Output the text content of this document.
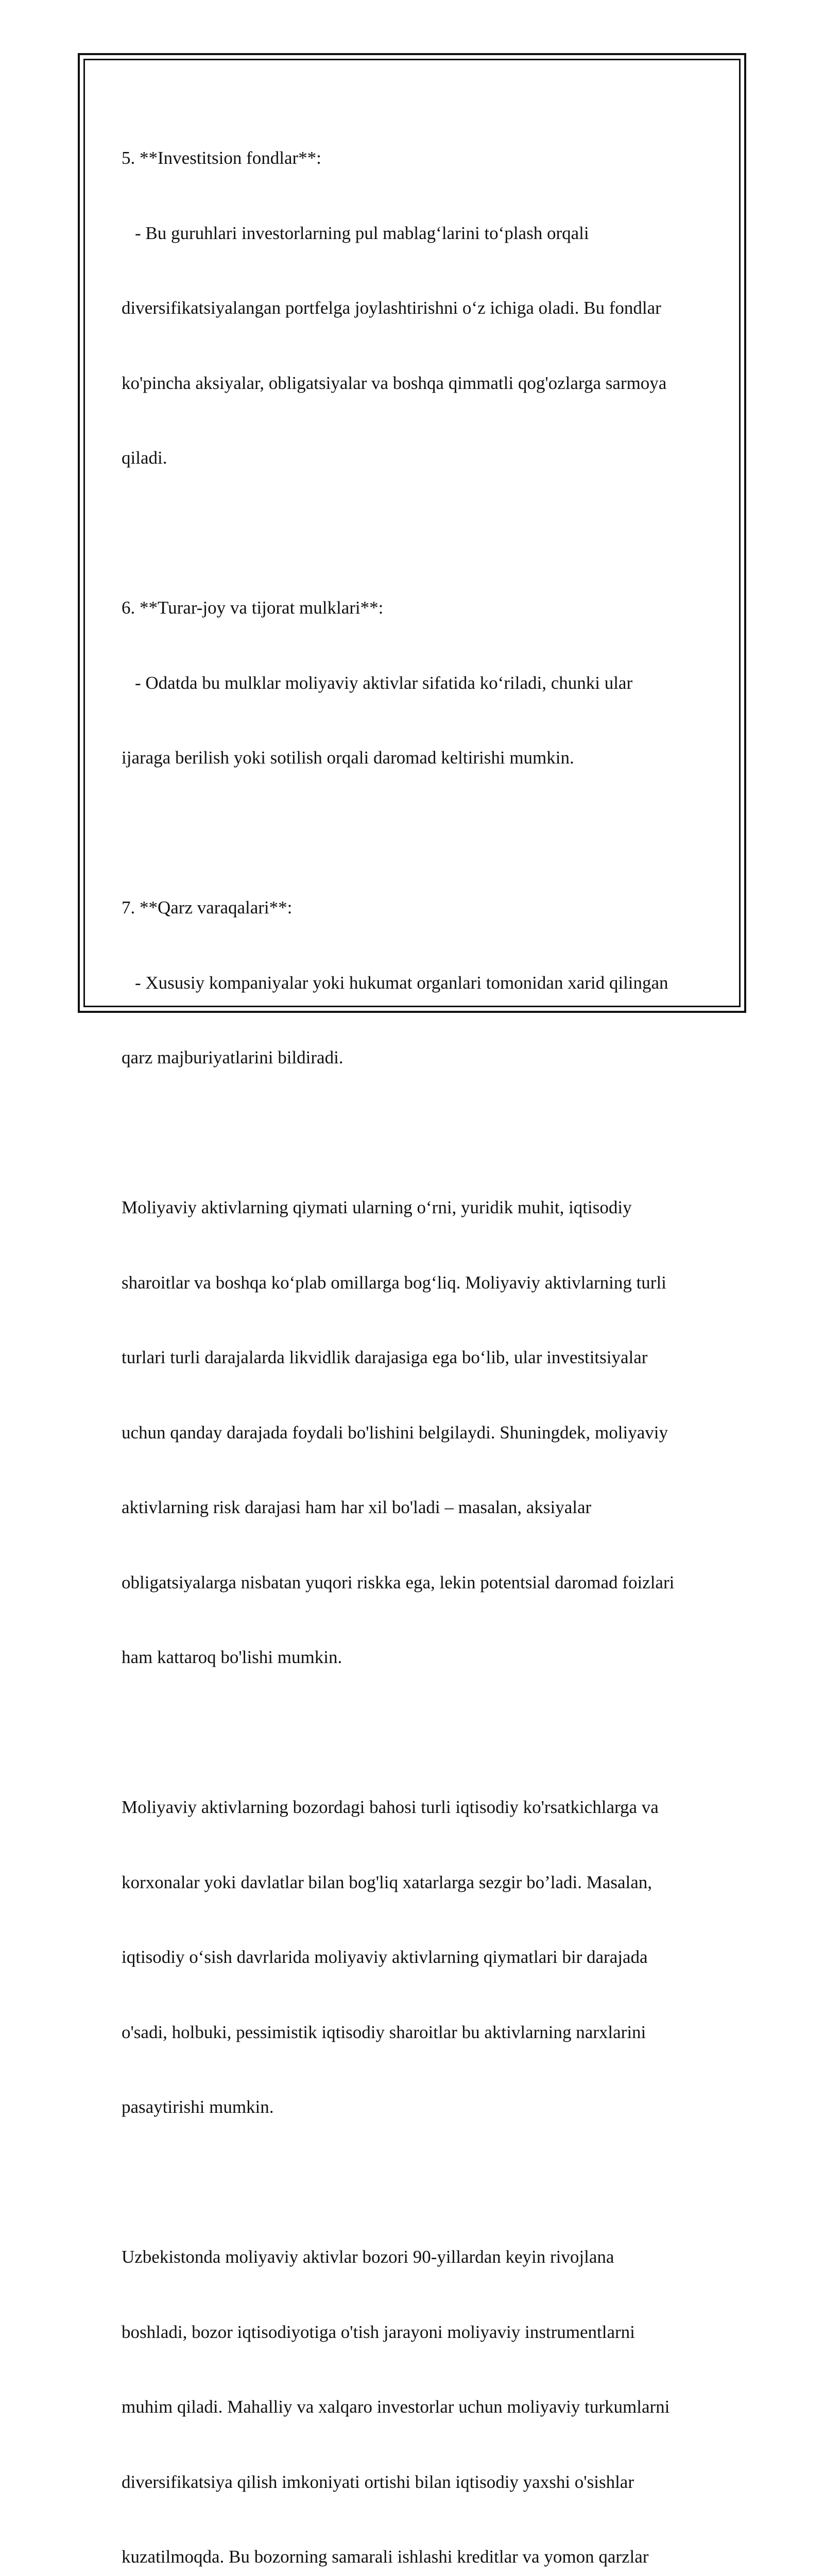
5. **Investitsion fondlar**:

- Bu guruhlari investorlarning pul mablag‘larini to‘plash orqali

diversifikatsiyalangan portfelga joylashtirishni o‘z ichiga oladi. Bu fondlar

ko'pincha aksiyalar, obligatsiyalar va boshqa qimmatli qog'ozlarga sarmoya

qiladi.

6. **Turar-joy va tijorat mulklari**:

- Odatda bu mulklar moliyaviy aktivlar sifatida ko‘riladi, chunki ular

ijaraga berilish yoki sotilish orqali daromad keltirishi mumkin.

7. **Qarz varaqalari**:

- Xususiy kompaniyalar yoki hukumat organlari tomonidan xarid qilingan

qarz majburiyatlarini bildiradi.

Moliyaviy aktivlarning qiymati ularning o‘rni, yuridik muhit, iqtisodiy

sharoitlar va boshqa ko‘plab omillarga bog‘liq. Moliyaviy aktivlarning turli

turlari turli darajalarda likvidlik darajasiga ega bo‘lib, ular investitsiyalar

uchun qanday darajada foydali bo'lishini belgilaydi. Shuningdek, moliyaviy

aktivlarning risk darajasi ham har xil bo'ladi – masalan, aksiyalar

obligatsiyalarga nisbatan yuqori riskka ega, lekin potentsial daromad foizlari

ham kattaroq bo'lishi mumkin.

Moliyaviy aktivlarning bozordagi bahosi turli iqtisodiy ko'rsatkichlarga va

korxonalar yoki davlatlar bilan bog'liq xatarlarga sezgir bo’ladi. Masalan,

iqtisodiy o‘sish davrlarida moliyaviy aktivlarning qiymatlari bir darajada

o'sadi, holbuki, pessimistik iqtisodiy sharoitlar bu aktivlarning narxlarini

pasaytirishi mumkin.

Uzbekistonda moliyaviy aktivlar bozori 90-yillardan keyin rivojlana

boshladi, bozor iqtisodiyotiga o'tish jarayoni moliyaviy instrumentlarni

muhim qiladi. Mahalliy va xalqaro investorlar uchun moliyaviy turkumlarni

diversifikatsiya qilish imkoniyati ortishi bilan iqtisodiy yaxshi o'sishlar

kuzatilmoqda. Bu bozorning samarali ishlashi kreditlar va yomon qarzlar
